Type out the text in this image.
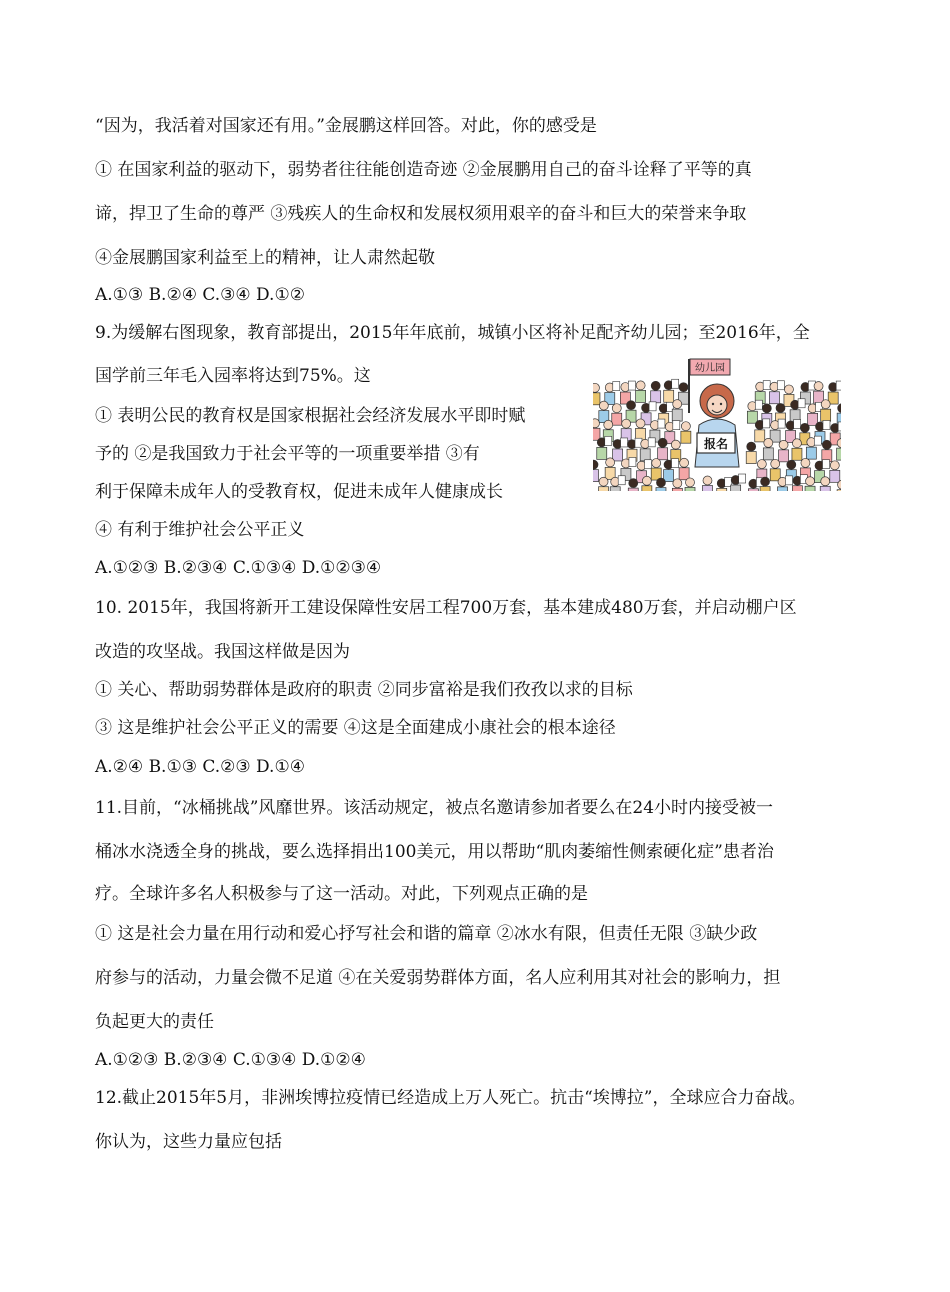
“因为，我活着对国家还有用。”金展鹏这样回答。对此，你的感受是
① 在国家利益的驱动下，弱势者往往能创造奇迹 ②金展鹏用自己的奋斗诠释了平等的真
谛，捍卫了生命的尊严 ③残疾人的生命权和发展权须用艰辛的奋斗和巨大的荣誉来争取
④金展鹏国家利益至上的精神，让人肃然起敬
A.①③ B.②④ C.③④ D.①②
9.为缓解右图现象，教育部提出，2015年年底前，城镇小区将补足配齐幼儿园；至2016年，全
国学前三年毛入园率将达到75%。这
① 表明公民的教育权是国家根据社会经济发展水平即时赋
予的 ②是我国致力于社会平等的一项重要举措 ③有
利于保障未成年人的受教育权，促进未成年人健康成长
④ 有利于维护社会公平正义
A.①②③ B.②③④ C.①③④ D.①②③④
10. 2015年，我国将新开工建设保障性安居工程700万套，基本建成480万套，并启动棚户区
改造的攻坚战。我国这样做是因为
① 关心、帮助弱势群体是政府的职责 ②同步富裕是我们孜孜以求的目标
③ 这是维护社会公平正义的需要 ④这是全面建成小康社会的根本途径
A.②④ B.①③ C.②③ D.①④
11.目前，“冰桶挑战”风靡世界。该活动规定，被点名邀请参加者要么在24小时内接受被一
桶冰水浇透全身的挑战，要么选择捐出100美元，用以帮助“肌肉萎缩性侧索硬化症”患者治
疗。全球许多名人积极参与了这一活动。对此，下列观点正确的是
① 这是社会力量在用行动和爱心抒写社会和谐的篇章 ②冰水有限，但责任无限 ③缺少政
府参与的活动，力量会微不足道 ④在关爱弱势群体方面，名人应利用其对社会的影响力，担
负起更大的责任
A.①②③ B.②③④ C.①③④ D.①②④
12.截止2015年5月，非洲埃博拉疫情已经造成上万人死亡。抗击“埃博拉”，全球应合力奋战。
你认为，这些力量应包括
幼儿园
报名
